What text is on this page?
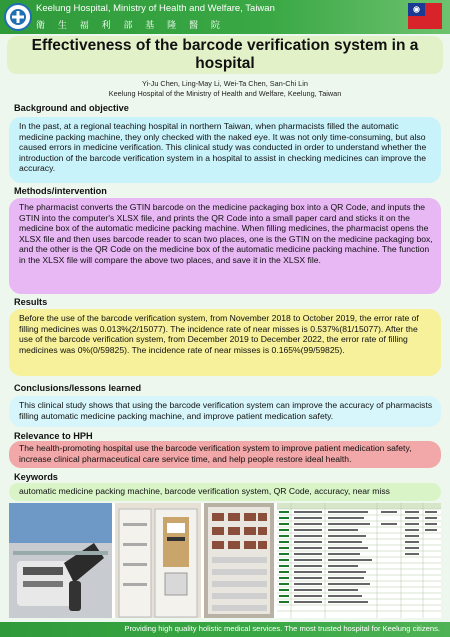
Keelung Hospital, Ministry of Health and Welfare, Taiwan
衛 生 福 利 部 基 隆 醫 院
Effectiveness of the barcode verification system in a hospital
Yi-Ju Chen, Ling-May Li, Wei-Ta Chen, San-Chi Lin
Keelung Hospital of the Ministry of Health and Welfare, Keelung, Taiwan
Background and objective
In the past, at a regional teaching hospital in northern Taiwan, when pharmacists filled the automatic medicine packing machine, they only checked with the naked eye. It was not only time-consuming, but also caused errors in medicine verification. This clinical study was conducted in order to understand whether the introduction of the barcode verification system in a hospital to assist in checking medicines can improve the accuracy.
Methods/intervention
The pharmacist converts the GTIN barcode on the medicine packaging box into a QR Code, and inputs the GTIN into the computer's XLSX file, and prints the QR Code into a small paper card and sticks it on the medicine box of the automatic medicine packing machine. When filling medicines, the pharmacist opens the XLSX file and then uses barcode reader to scan two places, one is the GTIN on the medicine packaging box, and the other is the QR Code on the medicine box of the automatic medicine packing machine. The function in the XLSX file will compare the above two places, and save it in the XLSX file.
Results
Before the use of the barcode verification system, from November 2018 to October 2019, the error rate of filling medicines was 0.013%(2/15077). The incidence rate of near misses is 0.537%(81/15077). After the use of the barcode verification system, from December 2019 to December 2022, the error rate of filling medicines was 0%(0/59825). The incidence rate of near misses is 0.165%(99/59825).
Conclusions/lessons learned
This clinical study shows that using the barcode verification system can improve the accuracy of pharmacists filling automatic medicine packing machine, and improve patient medication safety.
Relevance to HPH
The health-promoting hospital use the barcode verification system to improve patient medication safety, increase clinical pharmaceutical care service time, and help people restore ideal health.
Keywords
automatic medicine packing machine, barcode verification system, QR Code, accuracy, near miss
Providing high quality holistic medical services. The most trusted hospital for Keelung citizens.
